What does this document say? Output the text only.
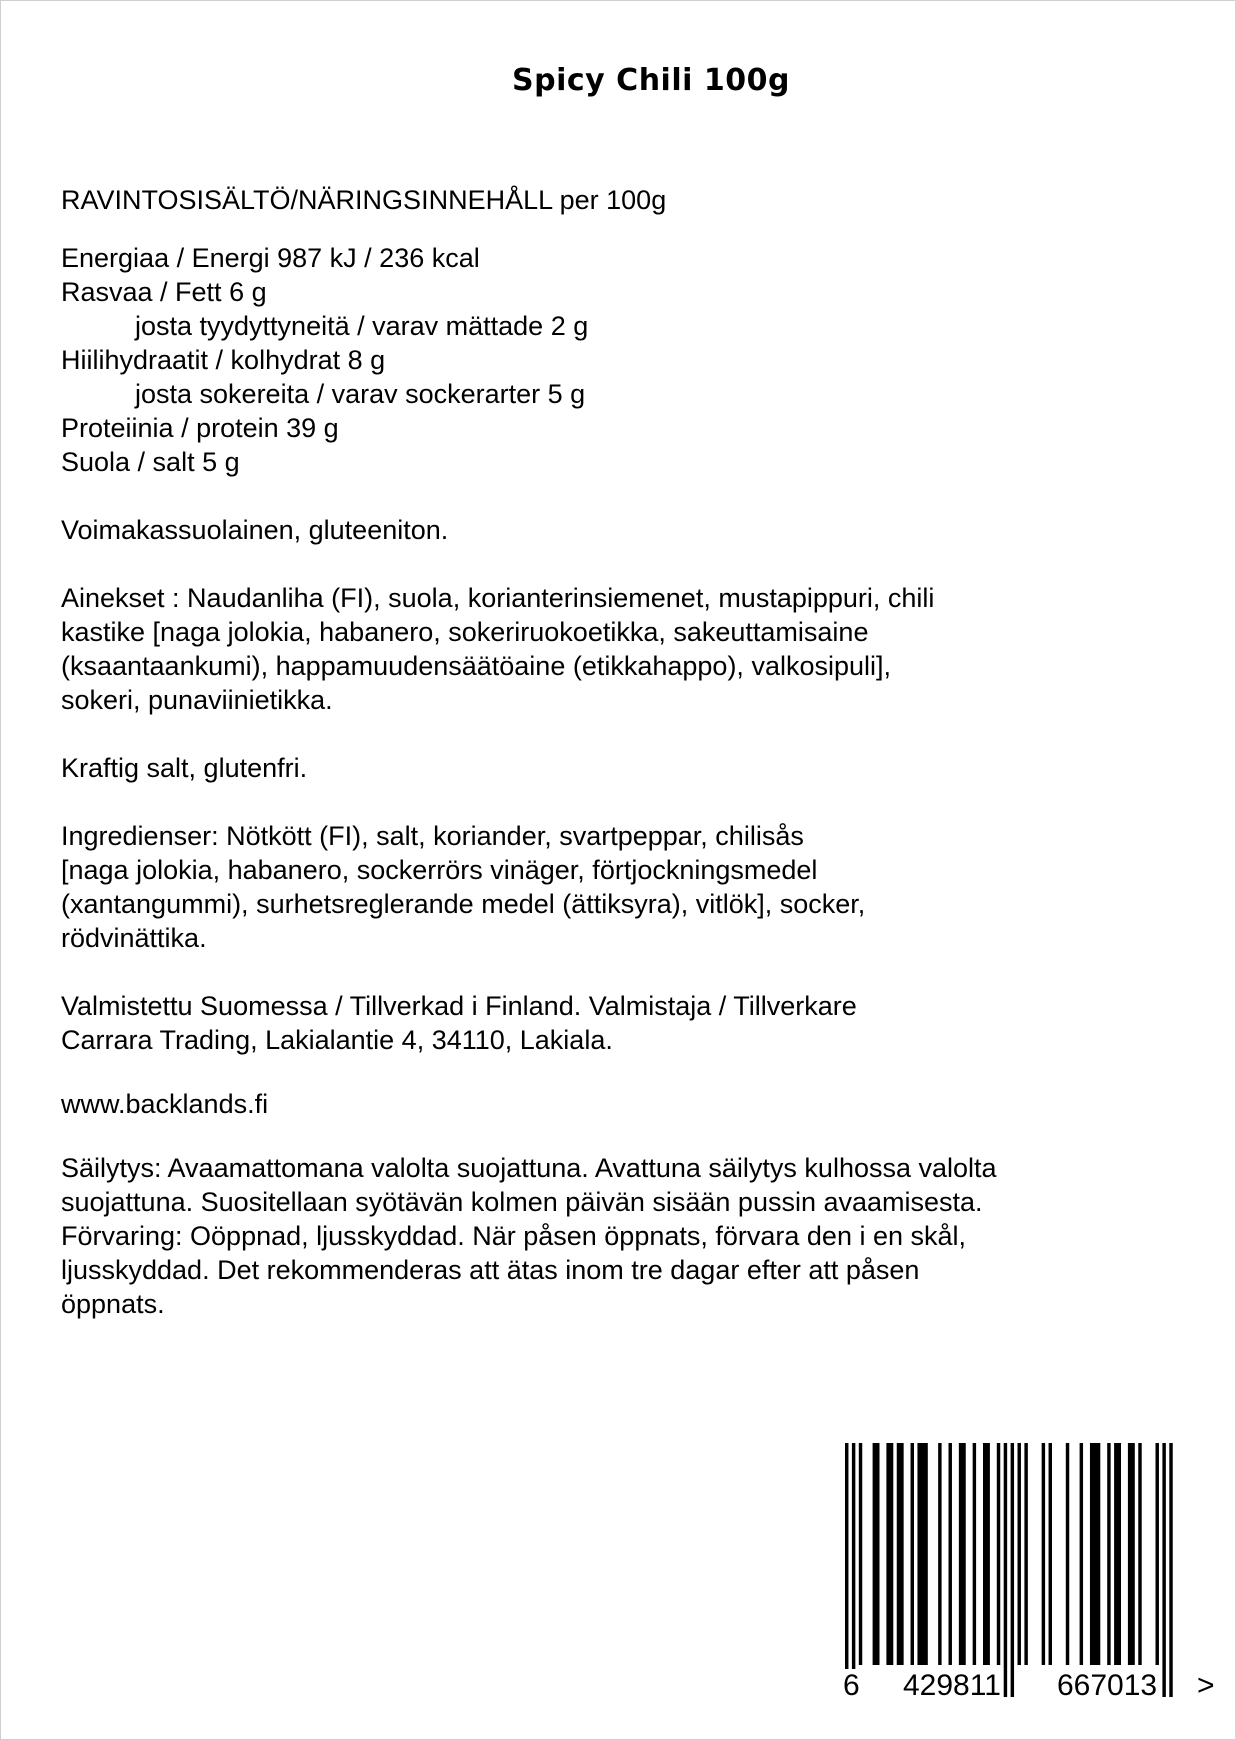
Spicy Chili 100g

RAVINTOSISÄLTÖ/NÄRINGSINNEHÅLL per 100g

Energiaa / Energi 987 kJ / 236 kcal

Rasvaa / Fett 6 g

josta tyydyttyneitä / varav mättade 2 g

Hiilihydraatit / kolhydrat 8 g

josta sokereita / varav sockerarter 5 g

Proteiinia / protein 39 g

Suola / salt 5 g

Voimakassuolainen, gluteeniton.

Ainekset : Naudanliha (FI), suola, korianterinsiemenet, mustapippuri, chili

kastike [naga jolokia, habanero, sokeriruokoetikka, sakeuttamisaine

(ksaantaankumi), happamuudensäätöaine (etikkahappo), valkosipuli],

sokeri, punaviinietikka.

Kraftig salt, glutenfri.

Ingredienser: Nötkött (FI), salt, koriander, svartpeppar, chilisås

[naga jolokia, habanero, sockerrörs vinäger, förtjockningsmedel

(xantangummi), surhetsreglerande medel (ättiksyra), vitlök], socker,

rödvinättika.

Valmistettu Suomessa / Tillverkad i Finland. Valmistaja / Tillverkare

Carrara Trading, Lakialantie 4, 34110, Lakiala.

www.backlands.fi

Säilytys: Avaamattomana valolta suojattuna. Avattuna säilytys kulhossa valolta

suojattuna. Suositellaan syötävän kolmen päivän sisään pussin avaamisesta.

Förvaring: Oöppnad, ljusskyddad. När påsen öppnats, förvara den i en skål,

ljusskyddad. Det rekommenderas att ätas inom tre dagar efter att påsen

öppnats.

6 429811 667013 >
